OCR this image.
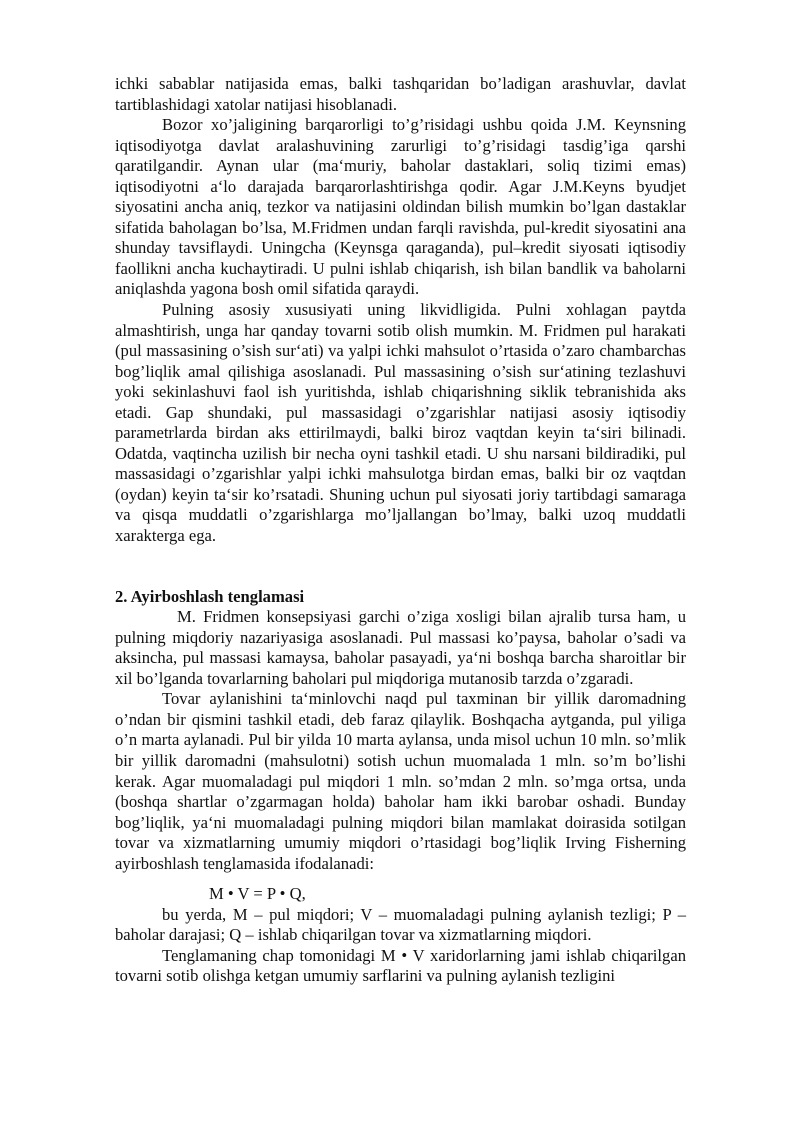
ichki sabablar natijasida emas, balki tashqaridan bo’ladigan arashuvlar, davlat tartiblashidagi xatolar natijasi hisoblanadi.

Bozor xo’jaligining barqarorligi to’g’risidagi ushbu qoida J.M. Keynsning iqtisodiyotga davlat aralashuvining zarurligi to’g’risidagi tasdig’iga qarshi qaratilgandir. Aynan ular (ma‘muriy, baholar dastaklari, soliq tizimi emas) iqtisodiyotni a‘lo darajada barqarorlashtirishga qodir. Agar J.M.Keyns byudjet siyosatini ancha aniq, tezkor va natijasini oldindan bilish mumkin bo’lgan dastaklar sifatida baholagan bo’lsa, M.Fridmen undan farqli ravishda, pul-kredit siyosatini ana shunday tavsiflaydi. Uningcha (Keynsga qaraganda), pul–kredit siyosati iqtisodiy faollikni ancha kuchaytiradi. U pulni ishlab chiqarish, ish bilan bandlik va baholarni aniqlashda yagona bosh omil sifatida qaraydi.

Pulning asosiy xususiyati uning likvidligida. Pulni xohlagan paytda almashtirish, unga har qanday tovarni sotib olish mumkin. M. Fridmen pul harakati (pul massasining o’sish sur‘ati) va yalpi ichki mahsulot o’rtasida o’zaro chambarchas bog’liqlik amal qilishiga asoslanadi. Pul massasining o’sish sur‘atining tezlashuvi yoki sekinlashuvi faol ish yuritishda, ishlab chiqarishning siklik tebranishida aks etadi. Gap shundaki, pul massasidagi o’zgarishlar natijasi asosiy iqtisodiy parametrlarda birdan aks ettirilmaydi, balki biroz vaqtdan keyin ta‘siri bilinadi. Odatda, vaqtincha uzilish bir necha oyni tashkil etadi. U shu narsani bildiradiki, pul massasidagi o’zgarishlar yalpi ichki mahsulotga birdan emas, balki bir oz vaqtdan (oydan) keyin ta‘sir ko’rsatadi. Shuning uchun pul siyosati joriy tartibdagi samaraga va qisqa muddatli o’zgarishlarga mo’ljallangan bo’lmay, balki uzoq muddatli xarakterga ega.

2. Ayirboshlash tenglamasi

M. Fridmen konsepsiyasi garchi o’ziga xosligi bilan ajralib tursa ham, u pulning miqdoriy nazariyasiga asoslanadi. Pul massasi ko’paysa, baholar o’sadi va aksincha, pul massasi kamaysa, baholar pasayadi, ya‘ni boshqa barcha sharoitlar bir xil bo’lganda tovarlarning baholari pul miqdoriga mutanosib tarzda o’zgaradi.

Tovar aylanishini ta‘minlovchi naqd pul taxminan bir yillik daromadning o’ndan bir qismini tashkil etadi, deb faraz qilaylik. Boshqacha aytganda, pul yiliga o’n marta aylanadi. Pul bir yilda 10 marta aylansa, unda misol uchun 10 mln. so’mlik bir yillik daromadni (mahsulotni) sotish uchun muomalada 1 mln. so’m bo’lishi kerak. Agar muomaladagi pul miqdori 1 mln. so’mdan 2 mln. so’mga ortsa, unda (boshqa shartlar o’zgarmagan holda) baholar ham ikki barobar oshadi. Bunday bog’liqlik, ya‘ni muomaladagi pulning miqdori bilan mamlakat doirasida sotilgan tovar va xizmatlarning umumiy miqdori o’rtasidagi bog’liqlik Irving Fisherning ayirboshlash tenglamasida ifodalanadi:

M • V = P • Q,

bu yerda, M – pul miqdori; V – muomaladagi pulning aylanish tezligi; P – baholar darajasi; Q – ishlab chiqarilgan tovar va xizmatlarning miqdori.

Tenglamaning chap tomonidagi M • V xaridorlarning jami ishlab chiqarilgan tovarni sotib olishga ketgan umumiy sarflarini va pulning aylanish tezligini
